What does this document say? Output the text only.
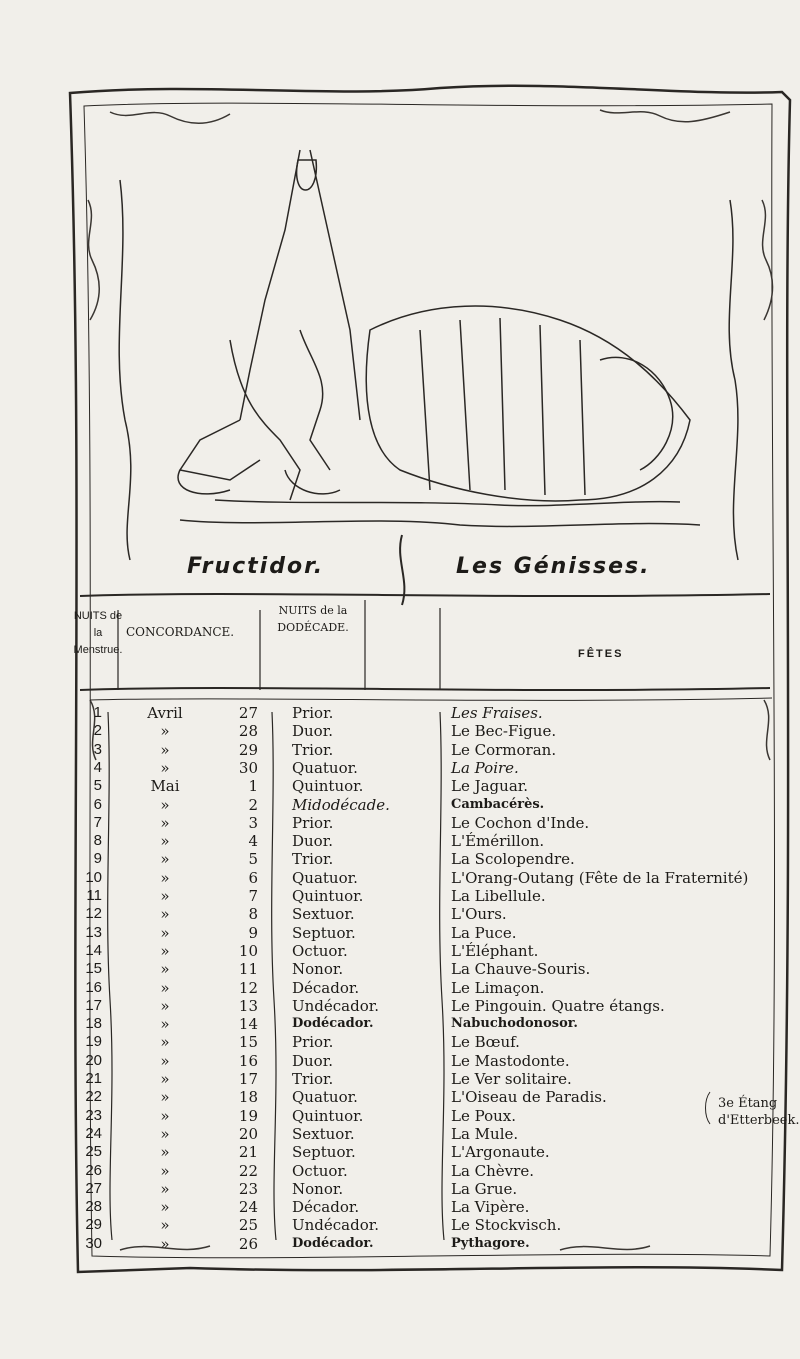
Fructidor.	Les Génisses.
NUITS de la Menstrue.
CONCORDANCE.
NUITS de la DODÉCADE.
FÊTES
1	Avril	27 Prior.	Les Fraises.
2	»	28 Duor.	Le Bec-Figue.
3	»	29 Trior.	Le Cormoran.
4	»	30 Quatuor.	La Poire.
5	Mai	1 Quintuor.	Le Jaguar.
6	»	2 Midodécade.	Cambacérès.
7	»	3 Prior.	Le Cochon d'Inde.
8	»	4 Duor.	L'Émérillon.
9	»	5 Trior.	La Scolopendre.
10	»	6 Quatuor.	L'Orang-Outang (Fête de la Fraternité)
11	»	7 Quintuor.	La Libellule.
12	»	8 Sextuor.	L'Ours.
13	»	9 Septuor.	La Puce.
14	»	10 Octuor.	L'Éléphant.
15	»	11 Nonor.	La Chauve-Souris.
16	»	12 Décador.	Le Limaçon.
17	»	13 Undécador.	Le Pingouin. Quatre étangs.
18	»	14	Dodécador.	Nabuchodonosor.
19	»	15 Prior.	Le Bœuf.
20	»	16 Duor.	Le Mastodonte.
21	»	17 Trior.	Le Ver solitaire.
22	»	18 Quatuor.	L'Oiseau de Paradis.
23	»	19 Quintuor.	Le Poux.
24	»	20 Sextuor.	La Mule.
25	»	21 Septuor.	L'Argonaute.
26	»	22 Octuor.	La Chèvre.
27	»	23 Nonor.	La Grue.
28	»	24 Décador.	La Vipère.
29	»	25 Undécador.	Le Stockvisch.
30	»	26	Dodécador.	Pythagore.
3e Étang
d'Etterbeek.
